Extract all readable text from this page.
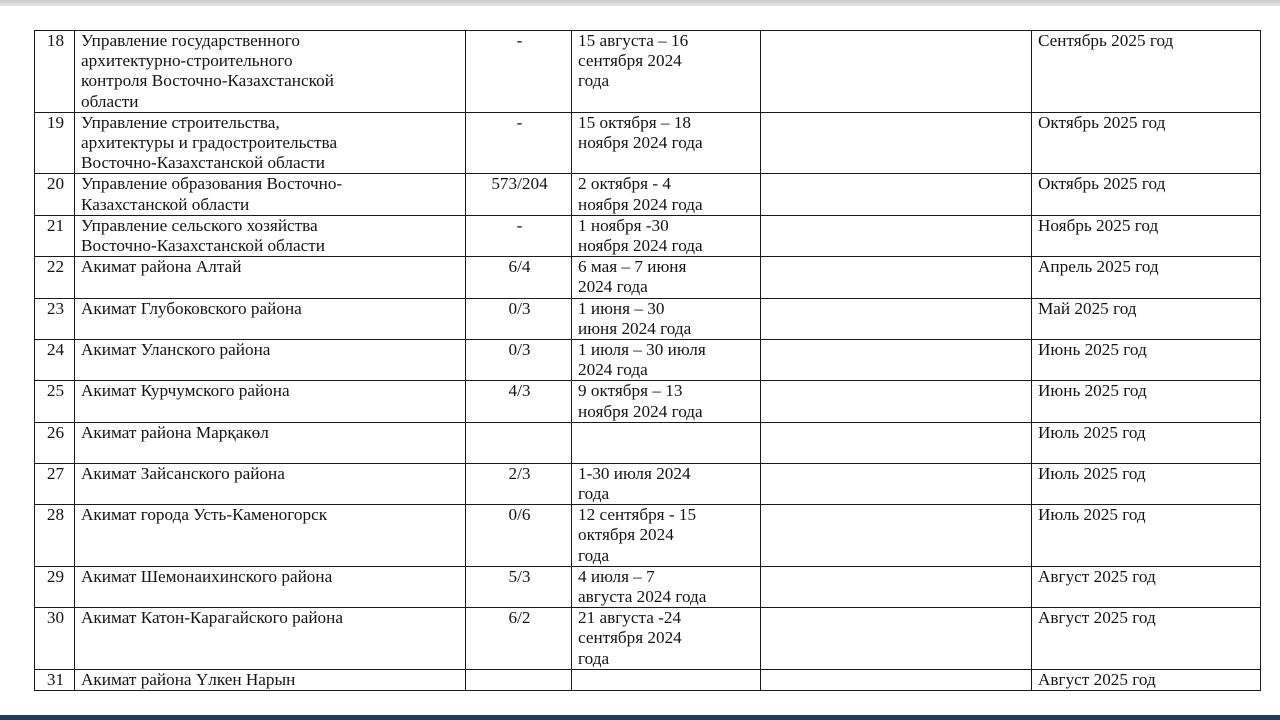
18	Управление государственного
архитектурно-строительного
контроля Восточно-Казахстанской
области	-	15 августа – 16
сентября 2024
года		Сентябрь 2025 год
19	Управление строительства,
архитектуры и градостроительства
Восточно-Казахстанской области	-	15 октября – 18
ноября 2024 года		Октябрь 2025 год
20	Управление образования Восточно-
Казахстанской области	573/204	2 октября - 4
ноября 2024 года		Октябрь 2025 год
21	Управление сельского хозяйства
Восточно-Казахстанской области	-	1 ноября -30
ноября 2024 года		Ноябрь 2025 год
22	Акимат района Алтай	6/4	6 мая – 7 июня
2024 года		Апрель 2025 год
23	Акимат Глубоковского района	0/3	1 июня – 30
июня 2024 года		Май 2025 год
24	Акимат Уланского района	0/3	1 июля – 30 июля
2024 года		Июнь 2025 год
25	Акимат Курчумского района	4/3	9 октября – 13
ноября 2024 года		Июнь 2025 год
26	Акимат района Марқакөл				Июль 2025 год
27	Акимат Зайсанского района	2/3	1-30 июля 2024
года		Июль 2025 год
28	Акимат города Усть-Каменогорск	0/6	12 сентября - 15
октября 2024
года		Июль 2025 год
29	Акимат Шемонаихинского района	5/3	4 июля – 7
августа 2024 года		Август 2025 год
30	Акимат Катон-Карагайского района	6/2	21 августа -24
сентября 2024
года		Август 2025 год
31	Акимат района Үлкен Нарын				Август 2025 год
